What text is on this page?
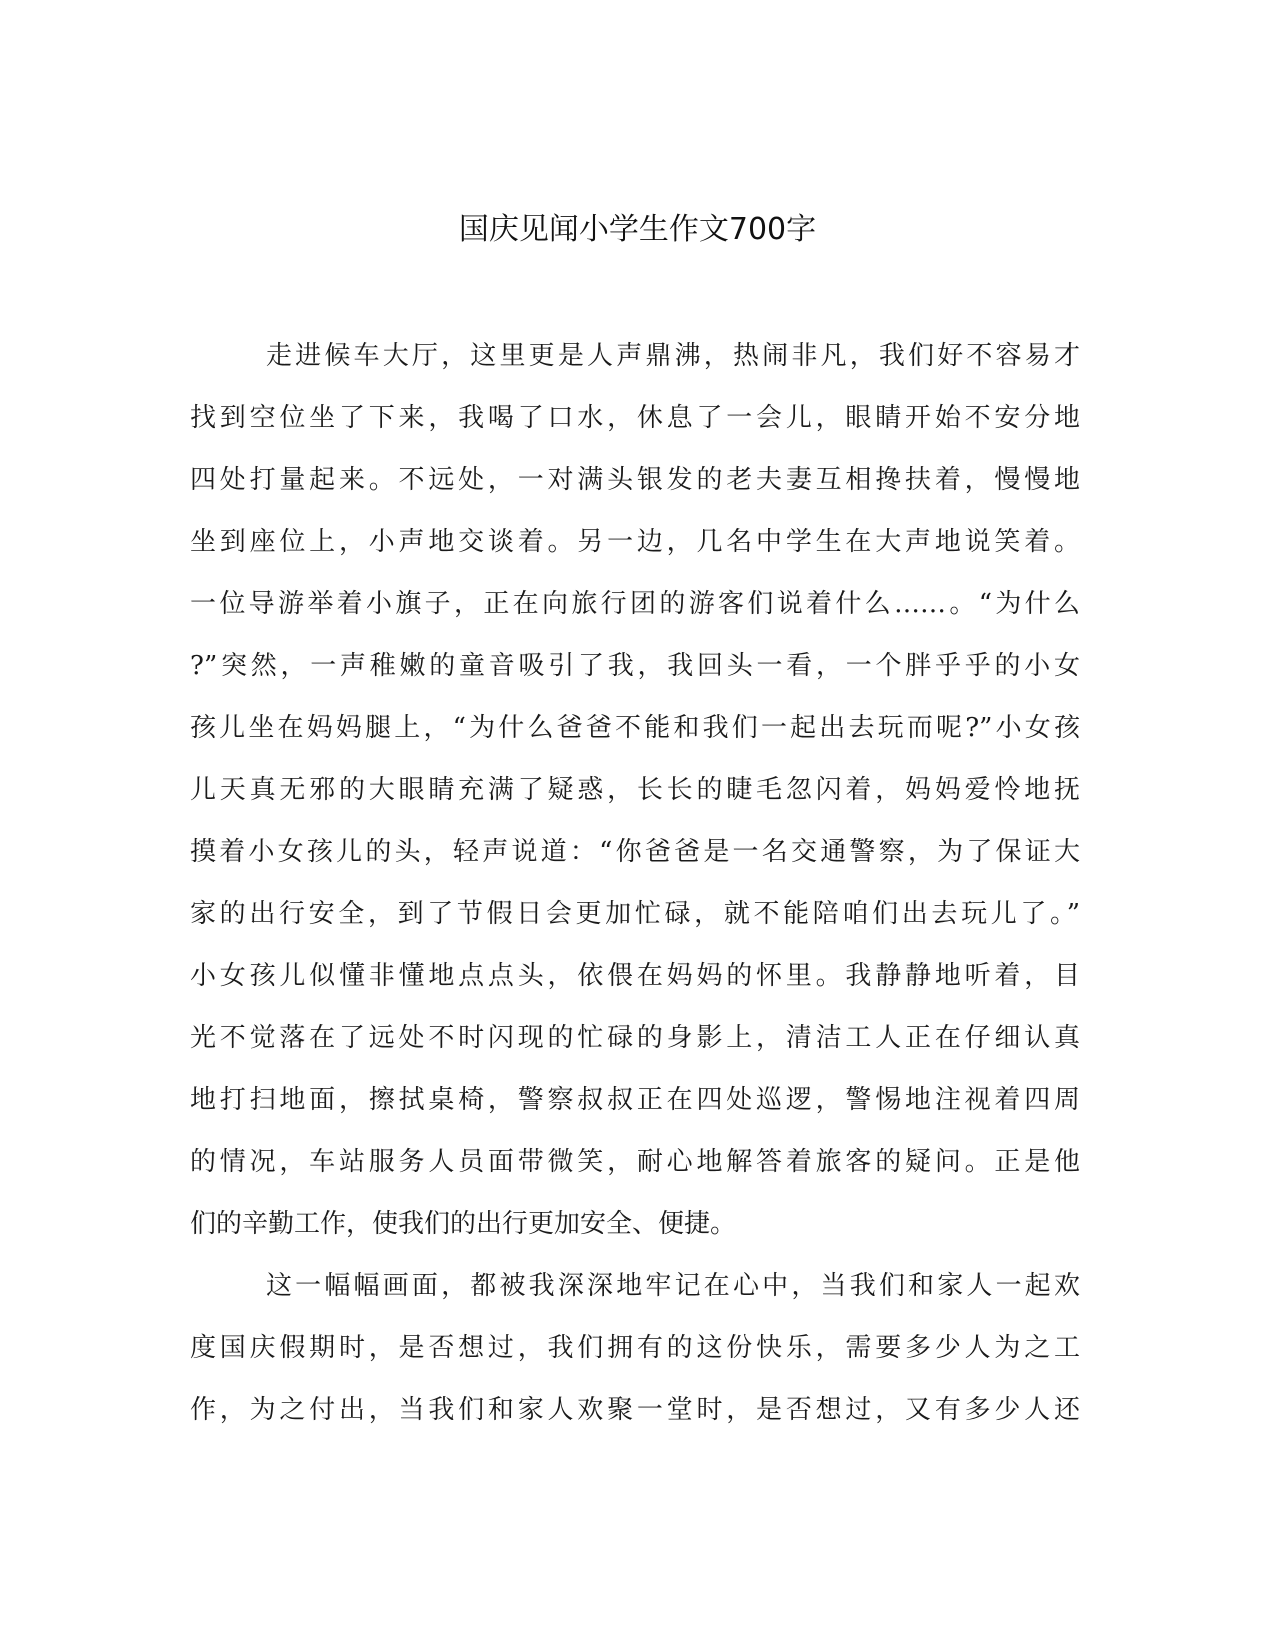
国庆见闻小学生作文700字
走进候车大厅，这里更是人声鼎沸，热闹非凡，我们好不容易才
找到空位坐了下来，我喝了口水，休息了一会儿，眼睛开始不安分地
四处打量起来。不远处，一对满头银发的老夫妻互相搀扶着，慢慢地
坐到座位上，小声地交谈着。另一边，几名中学生在大声地说笑着。
一位导游举着小旗子，正在向旅行团的游客们说着什么……。“为什么
?”突然，一声稚嫩的童音吸引了我，我回头一看，一个胖乎乎的小女
孩儿坐在妈妈腿上，“为什么爸爸不能和我们一起出去玩而呢?”小女孩
儿天真无邪的大眼睛充满了疑惑，长长的睫毛忽闪着，妈妈爱怜地抚
摸着小女孩儿的头，轻声说道：“你爸爸是一名交通警察，为了保证大
家的出行安全，到了节假日会更加忙碌，就不能陪咱们出去玩儿了。”
小女孩儿似懂非懂地点点头，依偎在妈妈的怀里。我静静地听着，目
光不觉落在了远处不时闪现的忙碌的身影上，清洁工人正在仔细认真
地打扫地面，擦拭桌椅，警察叔叔正在四处巡逻，警惕地注视着四周
的情况，车站服务人员面带微笑，耐心地解答着旅客的疑问。正是他
们的辛勤工作，使我们的出行更加安全、便捷。
这一幅幅画面，都被我深深地牢记在心中，当我们和家人一起欢
度国庆假期时，是否想过，我们拥有的这份快乐，需要多少人为之工
作，为之付出，当我们和家人欢聚一堂时，是否想过，又有多少人还
